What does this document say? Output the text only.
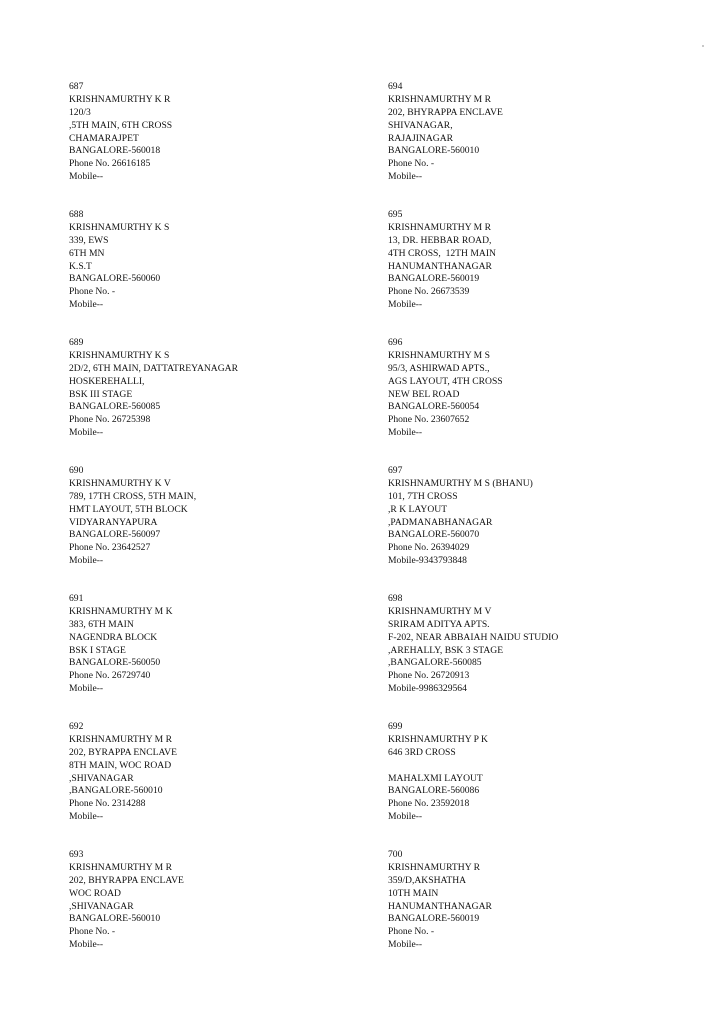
687
KRISHNAMURTHY K R
120/3
,5TH MAIN, 6TH CROSS
CHAMARAJPET
BANGALORE-560018
Phone No. 26616185
Mobile--
688
KRISHNAMURTHY K S
339, EWS
6TH MN
K.S.T
BANGALORE-560060
Phone No. -
Mobile--
689
KRISHNAMURTHY K S
2D/2, 6TH MAIN, DATTATREYANAGAR
HOSKEREHALLI,
BSK III STAGE
BANGALORE-560085
Phone No. 26725398
Mobile--
690
KRISHNAMURTHY K V
789, 17TH CROSS, 5TH MAIN,
HMT LAYOUT, 5TH BLOCK
VIDYARANYAPURA
BANGALORE-560097
Phone No. 23642527
Mobile--
691
KRISHNAMURTHY M K
383, 6TH MAIN
NAGENDRA BLOCK
BSK I STAGE
BANGALORE-560050
Phone No. 26729740
Mobile--
692
KRISHNAMURTHY M R
202, BYRAPPA ENCLAVE
8TH MAIN, WOC ROAD
,SHIVANAGAR
,BANGALORE-560010
Phone No. 2314288
Mobile--
693
KRISHNAMURTHY M R
202, BHYRAPPA ENCLAVE
WOC ROAD
,SHIVANAGAR
BANGALORE-560010
Phone No. -
Mobile--
694
KRISHNAMURTHY M R
202, BHYRAPPA ENCLAVE
SHIVANAGAR,
RAJAJINAGAR
BANGALORE-560010
Phone No. -
Mobile--
695
KRISHNAMURTHY M R
13, DR. HEBBAR ROAD,
4TH CROSS,  12TH MAIN
HANUMANTHANAGAR
BANGALORE-560019
Phone No. 26673539
Mobile--
696
KRISHNAMURTHY M S
95/3, ASHIRWAD APTS.,
AGS LAYOUT, 4TH CROSS
NEW BEL ROAD
BANGALORE-560054
Phone No. 23607652
Mobile--
697
KRISHNAMURTHY M S (BHANU)
101, 7TH CROSS
,R K LAYOUT
,PADMANABHANAGAR
BANGALORE-560070
Phone No. 26394029
Mobile-9343793848
698
KRISHNAMURTHY M V
SRIRAM ADITYA APTS.
F-202, NEAR ABBAIAH NAIDU STUDIO
,AREHALLY, BSK 3 STAGE
,BANGALORE-560085
Phone No. 26720913
Mobile-9986329564
699
KRISHNAMURTHY P K
646 3RD CROSS
MAHALXMI LAYOUT
BANGALORE-560086
Phone No. 23592018
Mobile--
700
KRISHNAMURTHY R
359/D,AKSHATHA
10TH MAIN
HANUMANTHANAGAR
BANGALORE-560019
Phone No. -
Mobile--
